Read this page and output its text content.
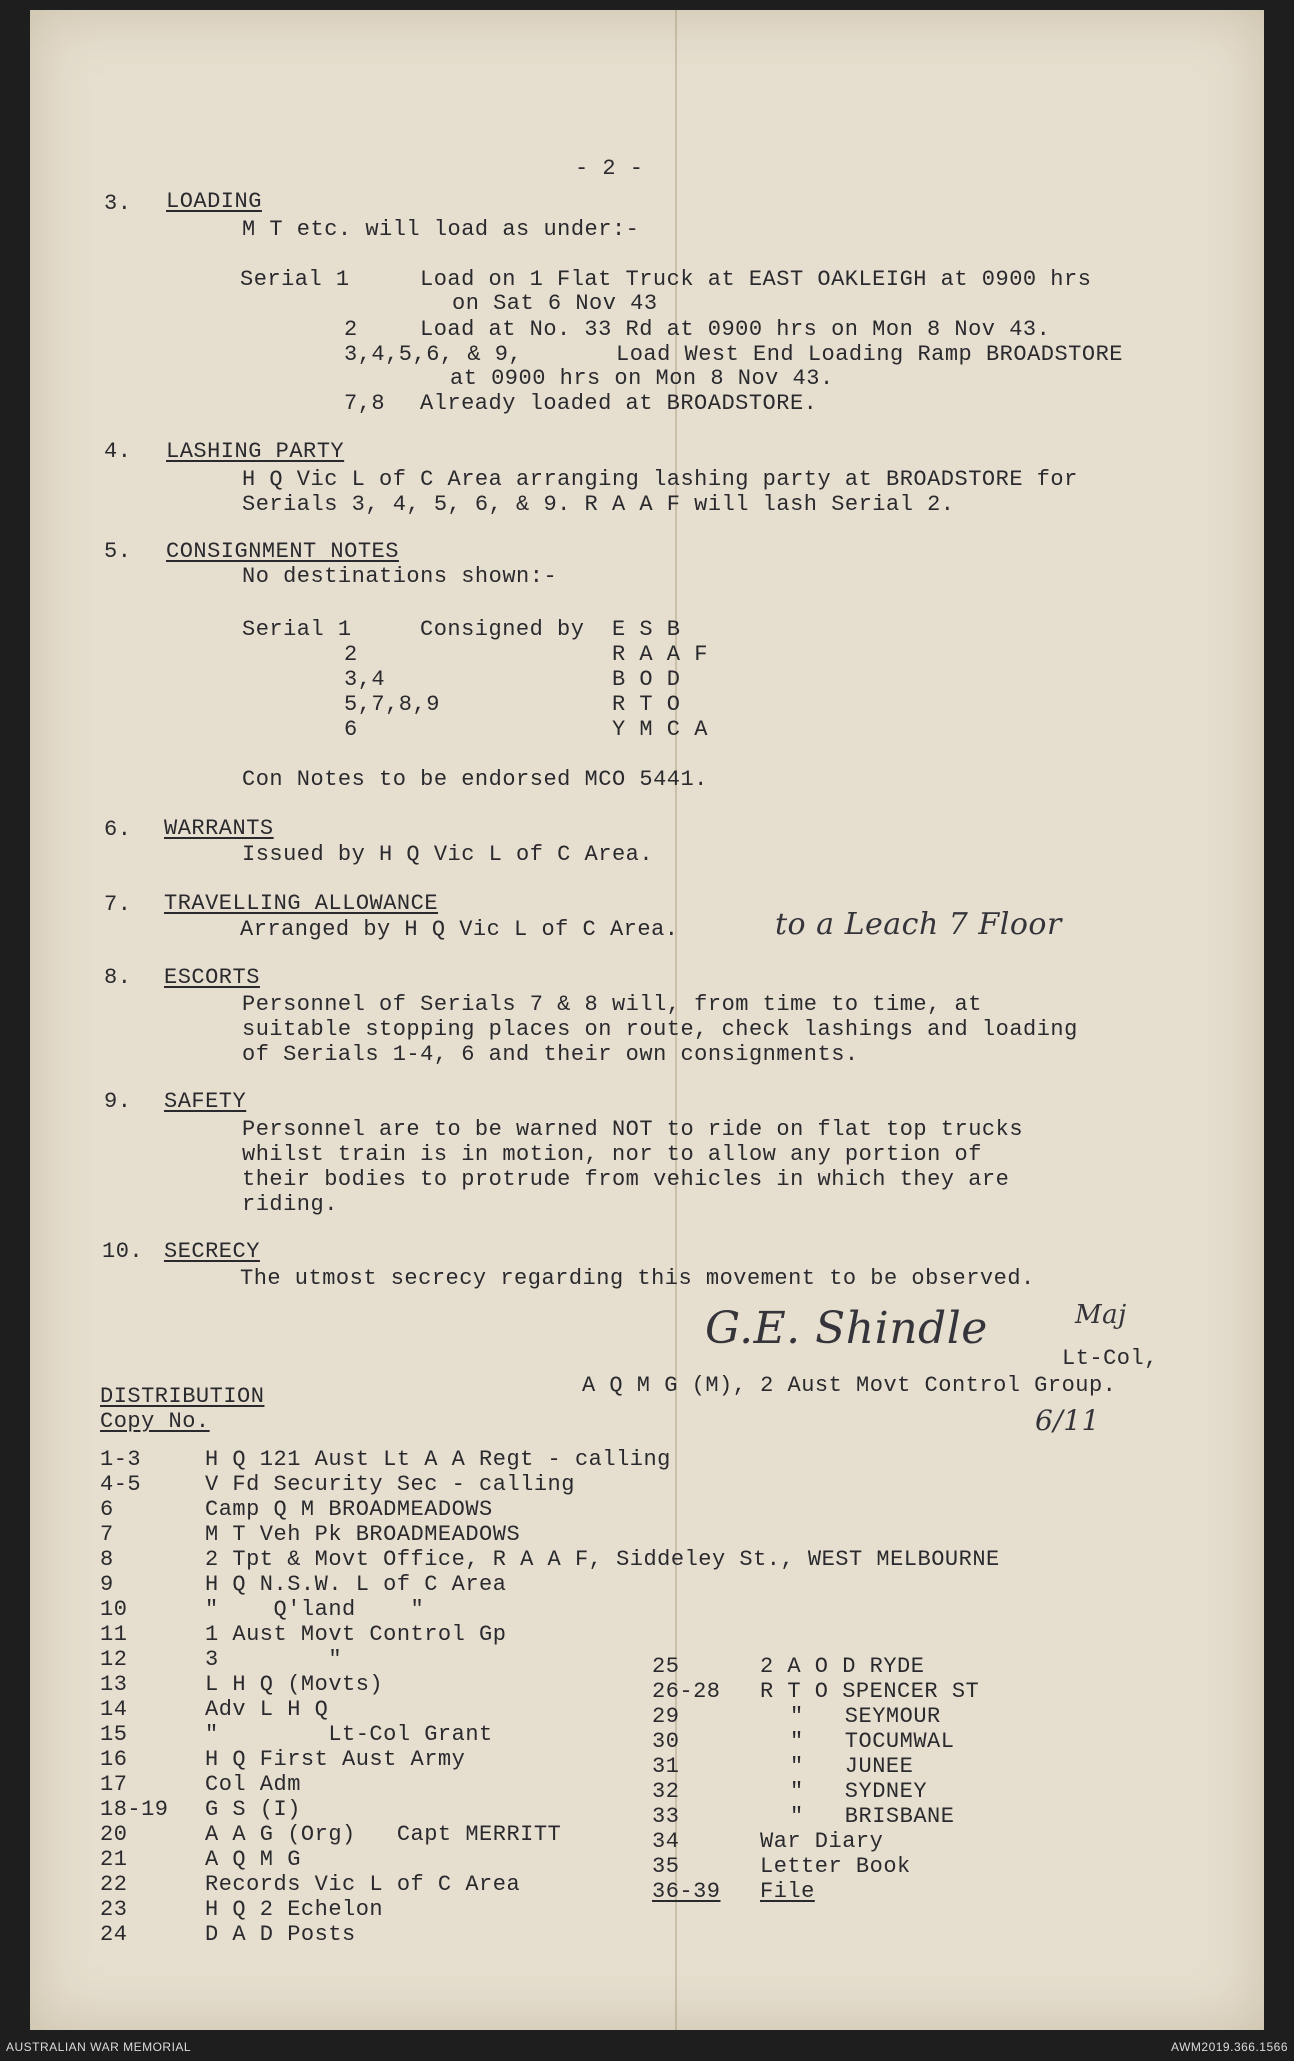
- 2 -
3. LOADING
M T etc. will load as under:-
Serial 1	Load on 1 Flat Truck at EAST OAKLEIGH at 0900 hrs
on Sat 6 Nov 43
2	Load at No. 33 Rd at 0900 hrs on Mon 8 Nov 43.
3,4,5,6, & 9,	Load West End Loading Ramp BROADSTORE
at 0900 hrs on Mon 8 Nov 43.
7,8 Already loaded at BROADSTORE.
4. LASHING PARTY
H Q Vic L of C Area arranging lashing party at BROADSTORE for
Serials 3, 4, 5, 6, & 9. R A A F will lash Serial 2.
5. CONSIGNMENT NOTES
No destinations shown:-
Serial 1	Consigned by E S B
2	R A A F
3,4	B O D
5,7,8,9	R T O
6	Y M C A
Con Notes to be endorsed MCO 5441.
6. WARRANTS
Issued by H Q Vic L of C Area.
7. TRAVELLING ALLOWANCE
Arranged by H Q Vic L of C Area.	to a Leach 7 Floor
8. ESCORTS
Personnel of Serials 7 & 8 will, from time to time, at
suitable stopping places on route, check lashings and loading
of Serials 1-4, 6 and their own consignments.
9. SAFETY
Personnel are to be warned NOT to ride on flat top trucks
whilst train is in motion, nor to allow any portion of
their bodies to protrude from vehicles in which they are
riding.
10. SECRECY
The utmost secrecy regarding this movement to be observed.
G.E. Shindle	Maj
Lt-Col,
A Q M G (M), 2 Aust Movt Control Group.
6/11
DISTRIBUTION
Copy No.
1-3	H Q 121 Aust Lt A A Regt - calling
4-5	V Fd Security Sec - calling
6	Camp Q M BROADMEADOWS
7	M T Veh Pk BROADMEADOWS
8	2 Tpt & Movt Office, R A A F, Siddeley St., WEST MELBOURNE
9	H Q N.S.W. L of C Area
10	"    Q'land    "
11	1 Aust Movt Control Gp
12	3        "
13	L H Q (Movts)
14	Adv L H Q
15	"        Lt-Col Grant
16	H Q First Aust Army
17	Col Adm
18-19 G S (I)
20	A A G (Org)   Capt MERRITT
21	A Q M G
22	Records Vic L of C Area
23	H Q 2 Echelon
24	D A D Posts
25	2 A O D RYDE
26-28 R T O SPENCER ST
29	"   SEYMOUR
30	"   TOCUMWAL
31	"   JUNEE
32	"   SYDNEY
33	"   BRISBANE
34	War Diary
35	Letter Book
36-39 File
AUSTRALIAN WAR MEMORIAL	AWM2019.366.1566
